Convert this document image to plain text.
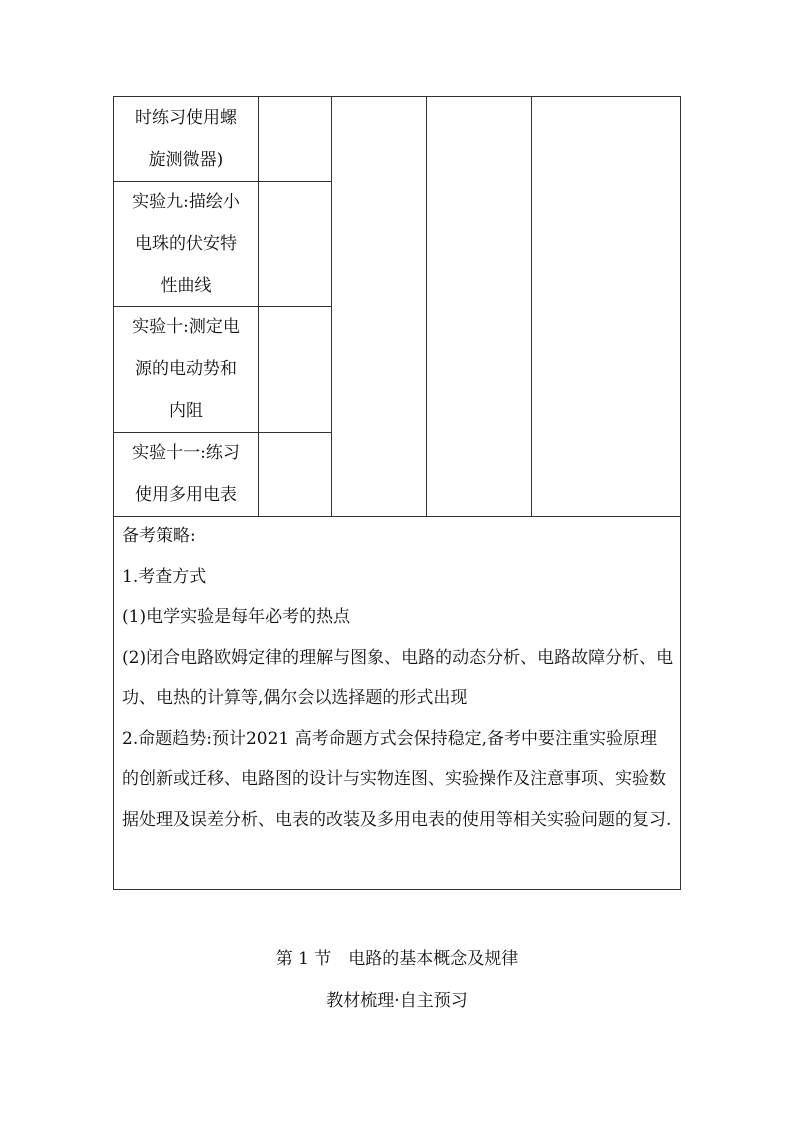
时练习使用螺
旋测微器)
实验九:描绘小
电珠的伏安特
性曲线
实验十:测定电
源的电动势和
内阻
实验十一:练习
使用多用电表

备考策略:

1.考查方式

(1)电学实验是每年必考的热点

(2)闭合电路欧姆定律的理解与图象、电路的动态分析、电路故障分析、电功、电热的计算等,偶尔会以选择题的形式出现

2.命题趋势:预计2021 高考命题方式会保持稳定,备考中要注重实验原理的创新或迁移、电路图的设计与实物连图、实验操作及注意事项、实验数据处理及误差分析、电表的改装及多用电表的使用等相关实验问题的复习.

第 1 节　电路的基本概念及规律
教材梳理·自主预习
